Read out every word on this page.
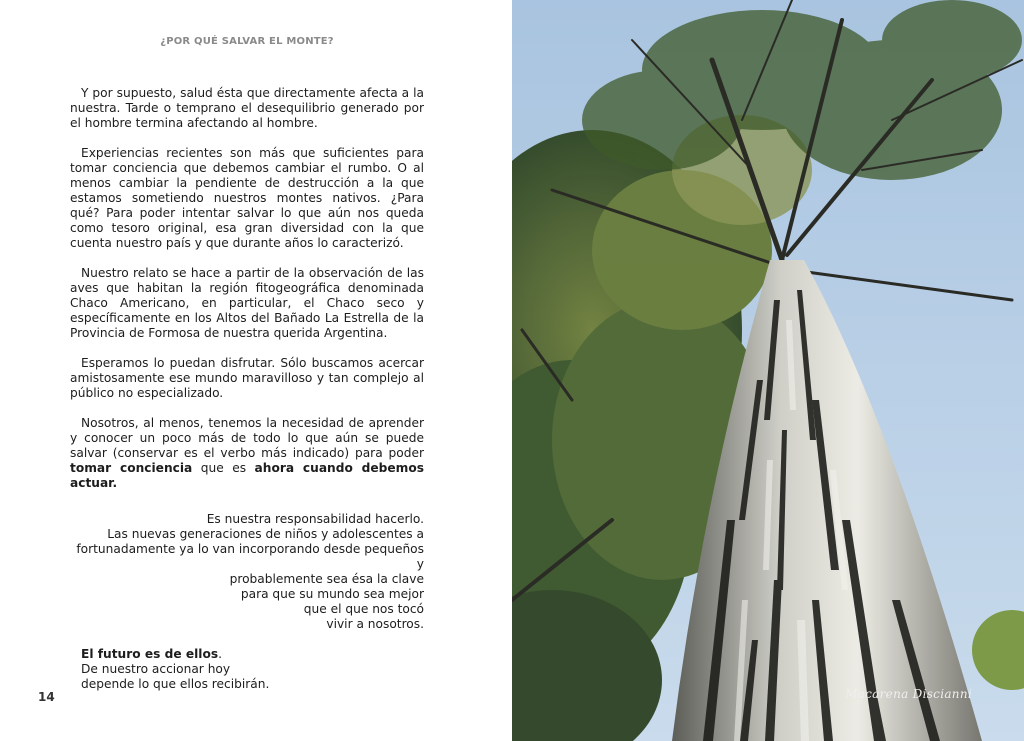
¿POR QUÉ SALVAR EL MONTE?

Y por supuesto, salud ésta que directamente afecta a la nuestra. Tarde o temprano el desequilibrio generado por el hombre termina afectando al hombre.

Experiencias recientes son más que suficientes para tomar conciencia que debemos cambiar el rumbo. O al menos cambiar la pendiente de destrucción a la que estamos sometiendo nuestros montes nativos. ¿Para qué? Para poder intentar salvar lo que aún nos queda como tesoro original, esa gran diversidad con la que cuenta nuestro país y que durante años lo caracterizó.

Nuestro relato se hace a partir de la observación de las aves que habitan la región fitogeográfica denominada Chaco Americano, en particular, el Chaco seco y específicamente en los Altos del Bañado La Estrella de la Provincia de Formosa de nuestra querida Argentina.

Esperamos lo puedan disfrutar. Sólo buscamos acercar amistosamente ese mundo maravilloso y tan complejo al público no especializado.

Nosotros, al menos, tenemos la necesidad de aprender y conocer un poco más de todo lo que aún se puede salvar (conservar es el verbo más indicado) para poder tomar conciencia que es ahora cuando debemos actuar.

Es nuestra responsabilidad hacerlo.
Las nuevas generaciones de niños y adolescentes a
fortunadamente ya lo van incorporando desde pequeños y
probablemente sea ésa la clave
para que su mundo sea mejor
que el que nos tocó
vivir a nosotros.
El futuro es de ellos.
De nuestro accionar hoy
depende lo que ellos recibirán.
14	Macarena Discianni
